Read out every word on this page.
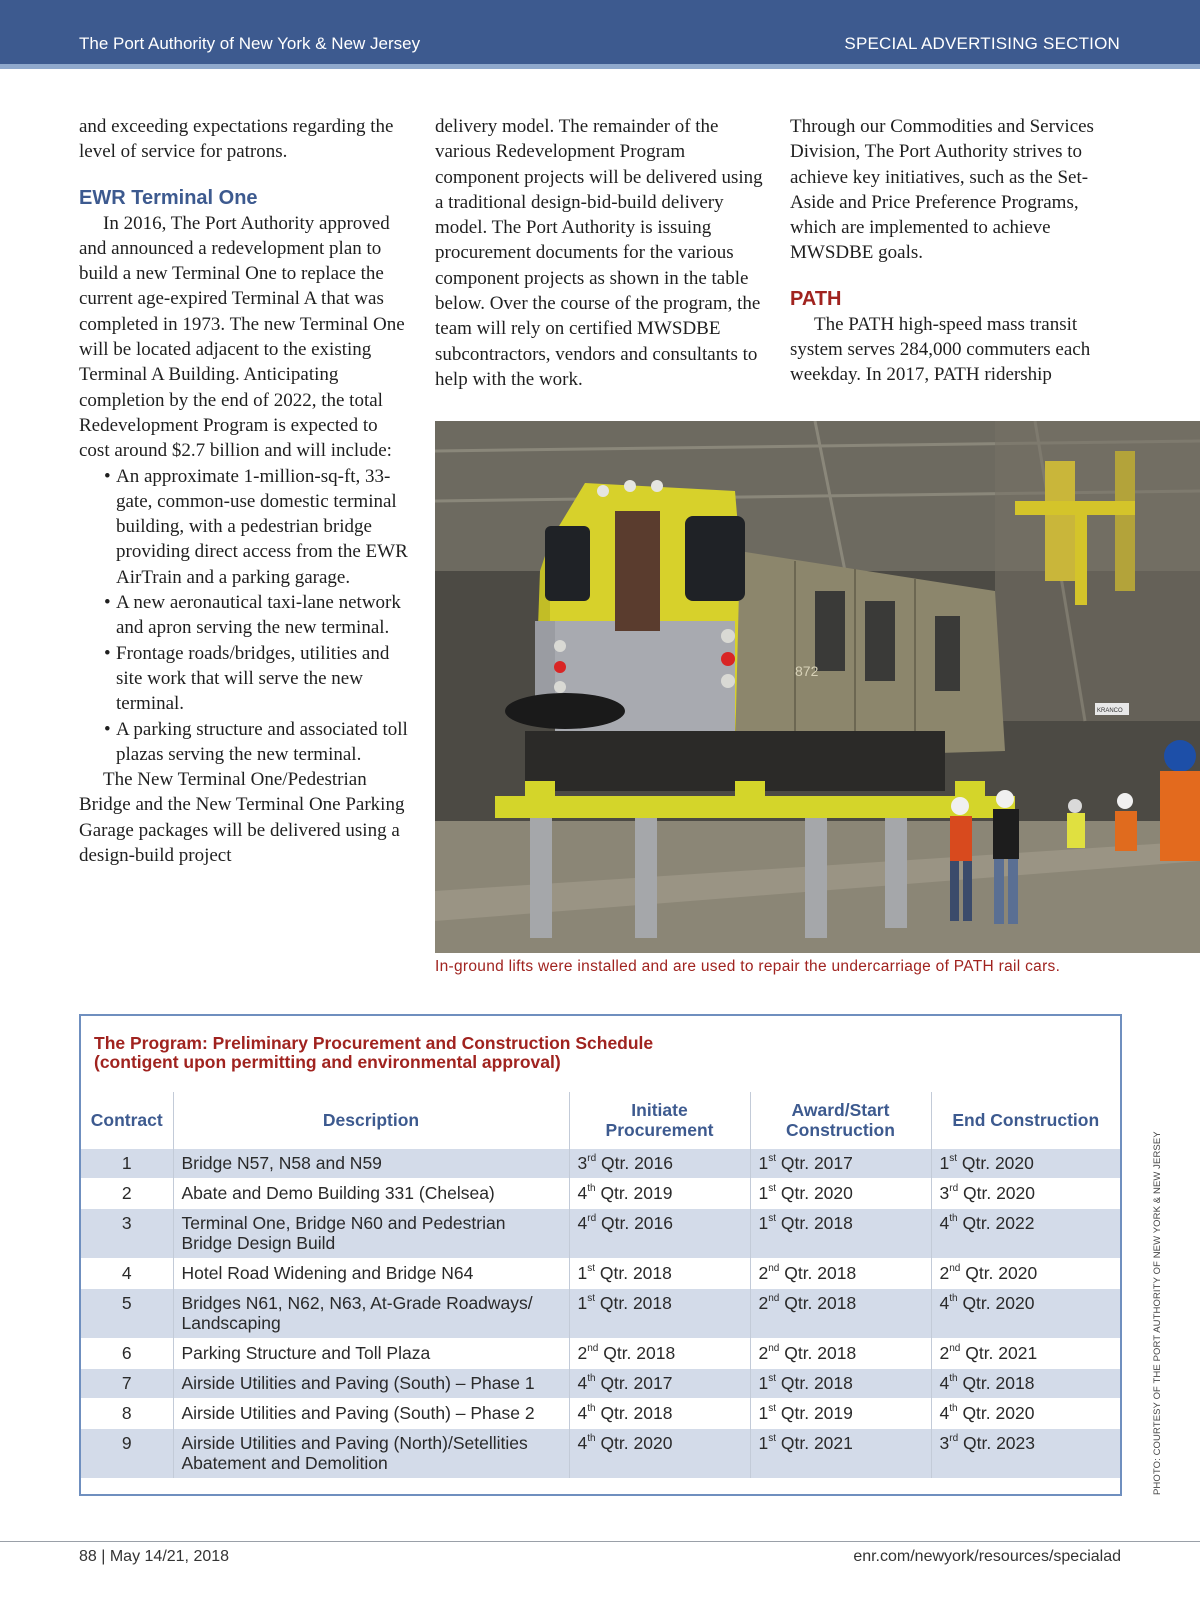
The Port Authority of New York & New Jersey	SPECIAL ADVERTISING SECTION

and exceeding expectations regarding the level of service for patrons.

EWR Terminal One

In 2016, The Port Authority approved and announced a redevelopment plan to build a new Terminal One to replace the current age-expired Terminal A that was completed in 1973. The new Terminal One will be located adjacent to the existing Terminal A Building. Anticipating completion by the end of 2022, the total Redevelopment Program is expected to cost around $2.7 billion and will include:

• An approximate 1-million-sq-ft, 33-gate, common-use domestic terminal building, with a pedestrian bridge providing direct access from the EWR AirTrain and a parking garage.
• A new aeronautical taxi-lane network and apron serving the new terminal.
• Frontage roads/bridges, utilities and site work that will serve the new terminal.
• A parking structure and associated toll plazas serving the new terminal.

The New Terminal One/Pedestrian Bridge and the New Terminal One Parking Garage packages will be delivered using a design-build project

delivery model. The remainder of the various Redevelopment Program component projects will be delivered using a traditional design-bid-build delivery model. The Port Authority is issuing procurement documents for the various component projects as shown in the table below. Over the course of the program, the team will rely on certified MWSDBE subcontractors, vendors and consultants to help with the work.

Through our Commodities and Services Division, The Port Authority strives to achieve key initiatives, such as the Set-Aside and Price Preference Programs, which are implemented to achieve MWSDBE goals.

PATH

The PATH high-speed mass transit system serves 284,000 commuters each weekday. In 2017, PATH ridership

872
KRANCO
In-ground lifts were installed and are used to repair the undercarriage of PATH rail cars.
The Program: Preliminary Procurement and Construction Schedule
(contigent upon permitting and environmental approval)
Contract	Description	Initiate Procurement	Award/Start Construction	End Construction
1	Bridge N57, N58 and N59	3rd Qtr. 2016	1st Qtr. 2017	1st Qtr. 2020
2	Abate and Demo Building 331 (Chelsea)	4th Qtr. 2019	1st Qtr. 2020	3rd Qtr. 2020
3	Terminal One, Bridge N60 and Pedestrian Bridge Design Build	4rd Qtr. 2016	1st Qtr. 2018	4th Qtr. 2022
4	Hotel Road Widening and Bridge N64	1st Qtr. 2018	2nd Qtr. 2018	2nd Qtr. 2020
5	Bridges N61, N62, N63, At-Grade Roadways/ Landscaping	1st Qtr. 2018	2nd Qtr. 2018	4th Qtr. 2020
6	Parking Structure and Toll Plaza	2nd Qtr. 2018	2nd Qtr. 2018	2nd Qtr. 2021
7	Airside Utilities and Paving (South) – Phase 1	4th Qtr. 2017	1st Qtr. 2018	4th Qtr. 2018
8	Airside Utilities and Paving (South) – Phase 2	4th Qtr. 2018	1st Qtr. 2019	4th Qtr. 2020
9	Airside Utilities and Paving (North)/Setellities Abatement and Demolition	4th Qtr. 2020	1st Qtr. 2021	3rd Qtr. 2023	PHOTO: COURTESY OF THE PORT AUTHORITY OF NEW YORK & NEW JERSEY
88 | May 14/21, 2018	enr.com/newyork/resources/specialad
